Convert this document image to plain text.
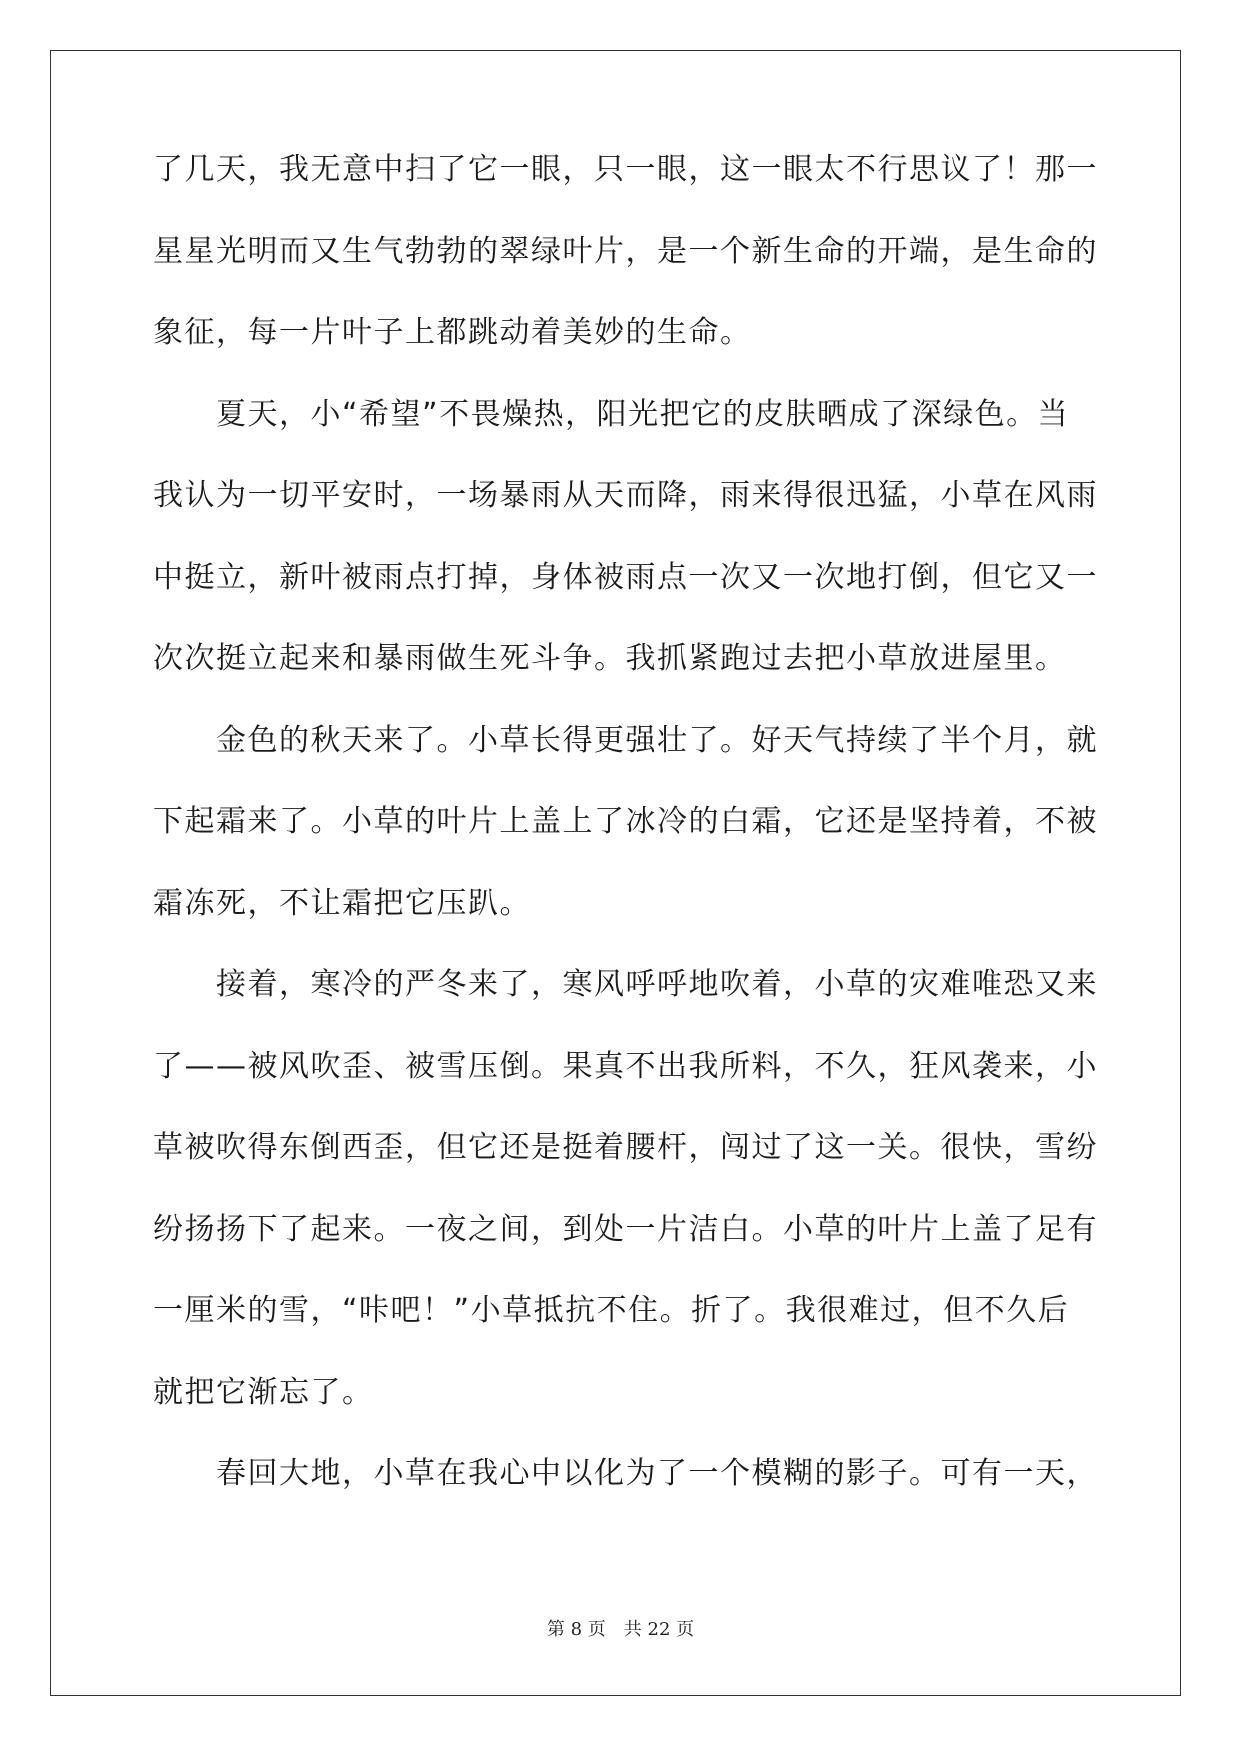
了几天，我无意中扫了它一眼，只一眼，这一眼太不行思议了！那一
星星光明而又生气勃勃的翠绿叶片，是一个新生命的开端，是生命的
象征，每一片叶子上都跳动着美妙的生命。
　　夏天，小“希望”不畏燥热，阳光把它的皮肤晒成了深绿色。当
我认为一切平安时，一场暴雨从天而降，雨来得很迅猛，小草在风雨
中挺立，新叶被雨点打掉，身体被雨点一次又一次地打倒，但它又一
次次挺立起来和暴雨做生死斗争。我抓紧跑过去把小草放进屋里。
　　金色的秋天来了。小草长得更强壮了。好天气持续了半个月，就
下起霜来了。小草的叶片上盖上了冰冷的白霜，它还是坚持着，不被
霜冻死，不让霜把它压趴。
　　接着，寒冷的严冬来了，寒风呼呼地吹着，小草的灾难唯恐又来
了——被风吹歪、被雪压倒。果真不出我所料，不久，狂风袭来，小
草被吹得东倒西歪，但它还是挺着腰杆，闯过了这一关。很快，雪纷
纷扬扬下了起来。一夜之间，到处一片洁白。小草的叶片上盖了足有
一厘米的雪，“咔吧！”小草抵抗不住。折了。我很难过，但不久后
就把它渐忘了。
　　春回大地，小草在我心中以化为了一个模糊的影子。可有一天，
第 8 页 共 22 页
